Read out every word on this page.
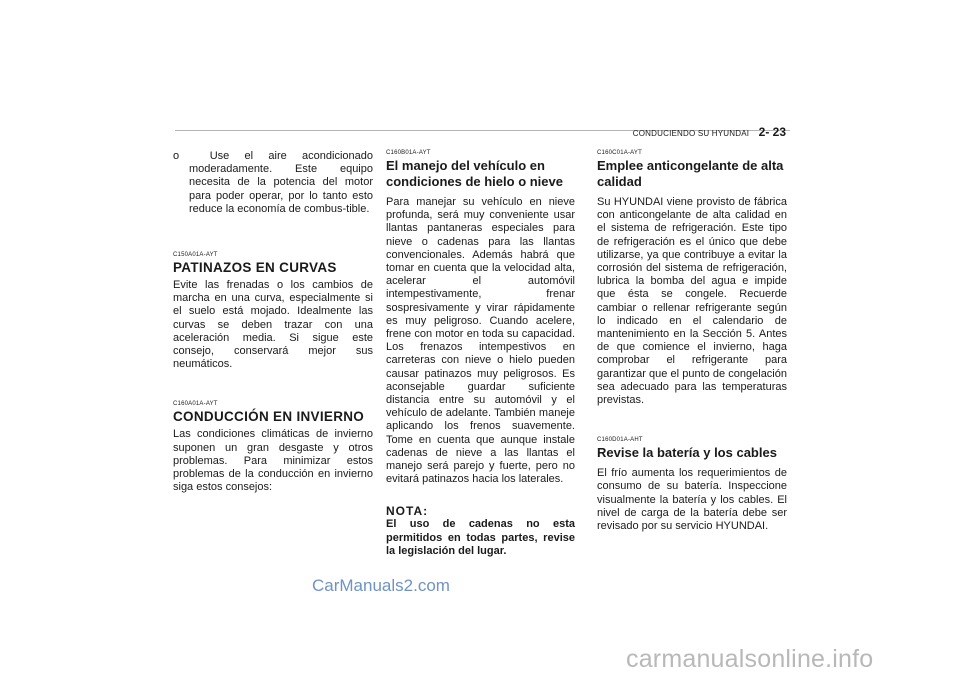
CONDUCIENDO SU HYUNDAI 2- 23

o	Use el aire acondicionado moderadamente. Este equipo necesita de la potencia del motor para poder operar, por lo tanto esto reduce la economía de combus-tible.

C150A01A-AYT
PATINAZOS EN CURVAS

Evite las frenadas o los cambios de marcha en una curva, especialmente si el suelo está mojado. Idealmente las curvas se deben trazar con una aceleración media. Si sigue este consejo, conservará mejor sus neumáticos.

C160A01A-AYT
CONDUCCIÓN EN INVIERNO

Las condiciones climáticas de invierno suponen un gran desgaste y otros problemas. Para minimizar estos problemas de la conducción en invierno siga estos consejos:

C160B01A-AYT
El manejo del vehículo en condiciones de hielo o nieve

Para manejar su vehículo en nieve profunda, será muy conveniente usar llantas pantaneras especiales para nieve o cadenas para las llantas convencionales. Además habrá que tomar en cuenta que la velocidad alta, acelerar el automóvil intempestivamente, frenar sospresivamente y virar rápidamente es muy peligroso. Cuando acelere, frene con motor en toda su capacidad. Los frenazos intempestivos en carreteras con nieve o hielo pueden causar patinazos muy peligrosos. Es aconsejable guardar suficiente distancia entre su automóvil y el vehículo de adelante. También maneje aplicando los frenos suavemente. Tome en cuenta que aunque instale cadenas de nieve a las llantas el manejo será parejo y fuerte, pero no evitará patinazos hacia los laterales.

NOTA:

El uso de cadenas no esta permitidos en todas partes, revise la legislación del lugar.

C160C01A-AYT
Emplee anticongelante de alta calidad

Su HYUNDAI viene provisto de fábrica con anticongelante de alta calidad en el sistema de refrigeración. Este tipo de refrigeración es el único que debe utilizarse, ya que contribuye a evitar la corrosión del sistema de refrigeración, lubrica la bomba del agua e impide que ésta se congele. Recuerde cambiar o rellenar refrigerante según lo indicado en el calendario de mantenimiento en la Sección 5. Antes de que comience el invierno, haga comprobar el refrigerante para garantizar que el punto de congelación sea adecuado para las temperaturas previstas.

C160D01A-AHT
Revise la batería y los cables

El frío aumenta los requerimientos de consumo de su batería. Inspeccione visualmente la batería y los cables. El nivel de carga de la batería debe ser revisado por su servicio HYUNDAI.

CarManuals2.com
carmanualsonline.info
